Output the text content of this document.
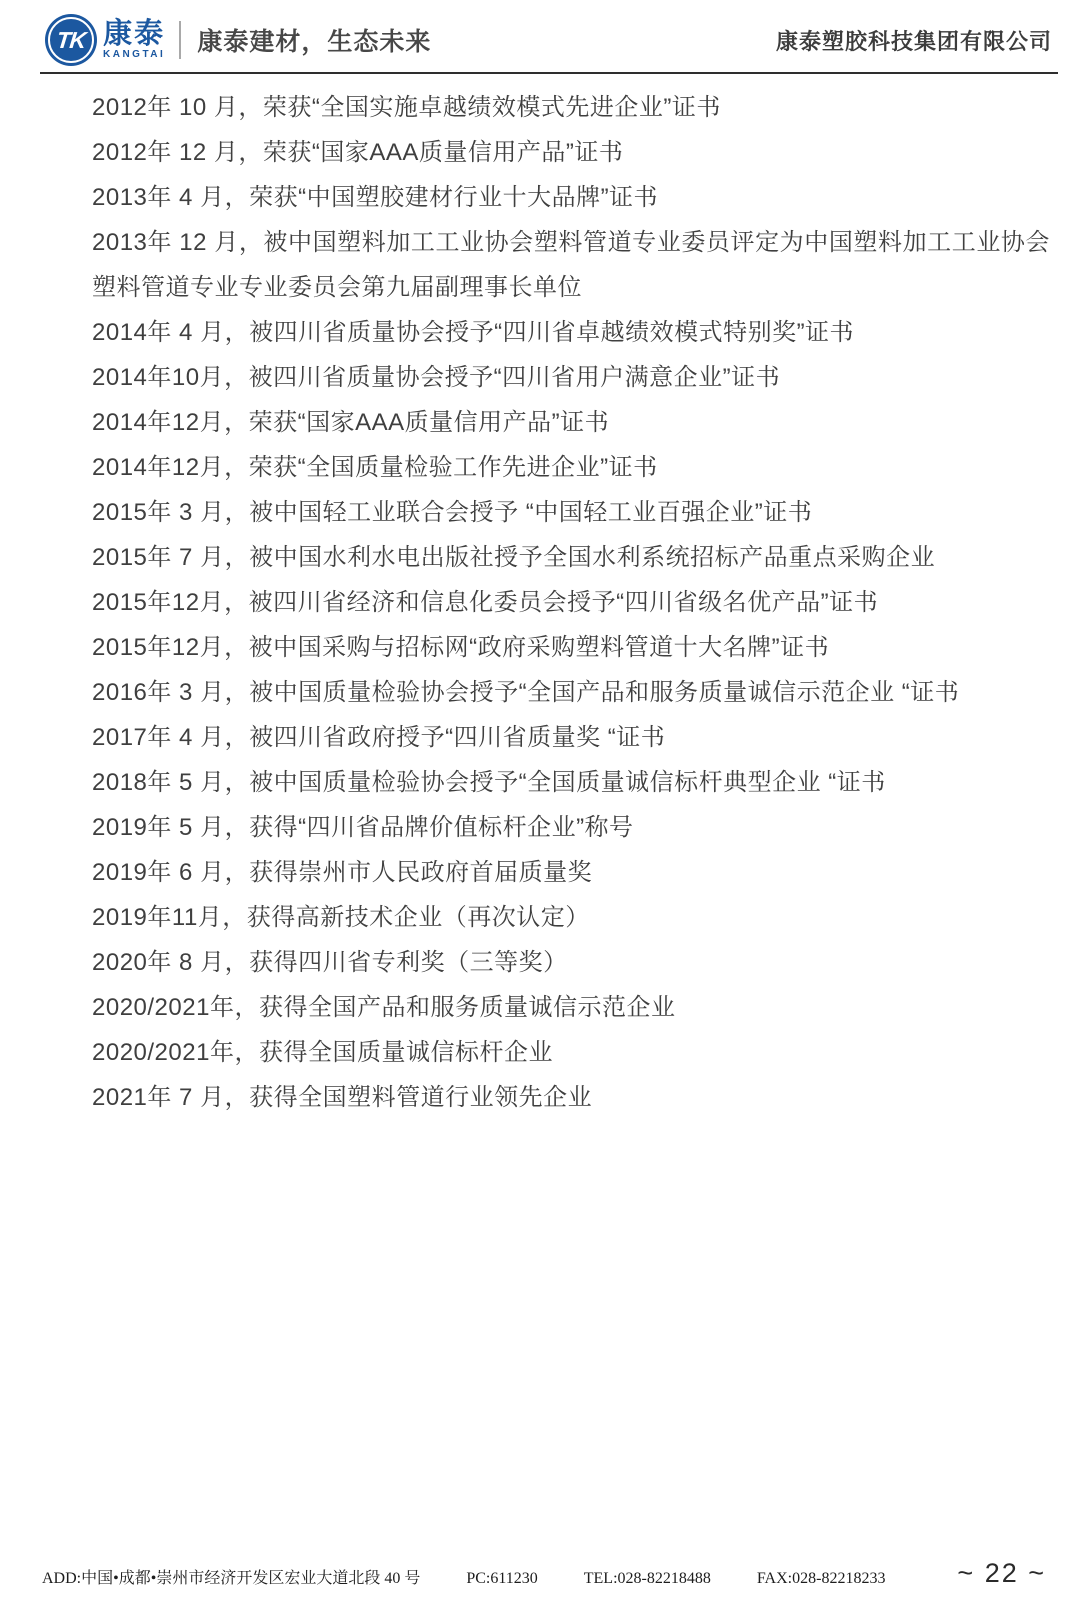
TK 康泰
KANGTAI 康泰建材，生态未来	康泰塑胶科技集团有限公司

2012年 10 月，荣获“全国实施卓越绩效模式先进企业”证书

2012年 12 月，荣获“国家AAA质量信用产品”证书

2013年 4 月，荣获“中国塑胶建材行业十大品牌”证书

2013年 12 月，被中国塑料加工工业协会塑料管道专业委员评定为中国塑料加工工业协会塑料管道专业专业委员会第九届副理事长单位

2014年 4 月，被四川省质量协会授予“四川省卓越绩效模式特别奖”证书

2014年10月，被四川省质量协会授予“四川省用户满意企业”证书

2014年12月，荣获“国家AAA质量信用产品”证书

2014年12月，荣获“全国质量检验工作先进企业”证书

2015年 3 月，被中国轻工业联合会授予 “中国轻工业百强企业”证书

2015年 7 月，被中国水利水电出版社授予全国水利系统招标产品重点采购企业

2015年12月，被四川省经济和信息化委员会授予“四川省级名优产品”证书

2015年12月，被中国采购与招标网“政府采购塑料管道十大名牌”证书

2016年 3 月，被中国质量检验协会授予“全国产品和服务质量诚信示范企业 “证书

2017年 4 月，被四川省政府授予“四川省质量奖 “证书

2018年 5 月，被中国质量检验协会授予“全国质量诚信标杆典型企业 “证书

2019年 5 月，获得“四川省品牌价值标杆企业”称号

2019年 6 月，获得崇州市人民政府首届质量奖

2019年11月，获得高新技术企业（再次认定）

2020年 8 月，获得四川省专利奖（三等奖）

2020/2021年，获得全国产品和服务质量诚信示范企业

2020/2021年，获得全国质量诚信标杆企业

2021年 7 月，获得全国塑料管道行业领先企业

ADD:中国•成都•崇州市经济开发区宏业大道北段 40 号	PC:611230	TEL:028-82218488	FAX:028-82218233	~ 22 ~
